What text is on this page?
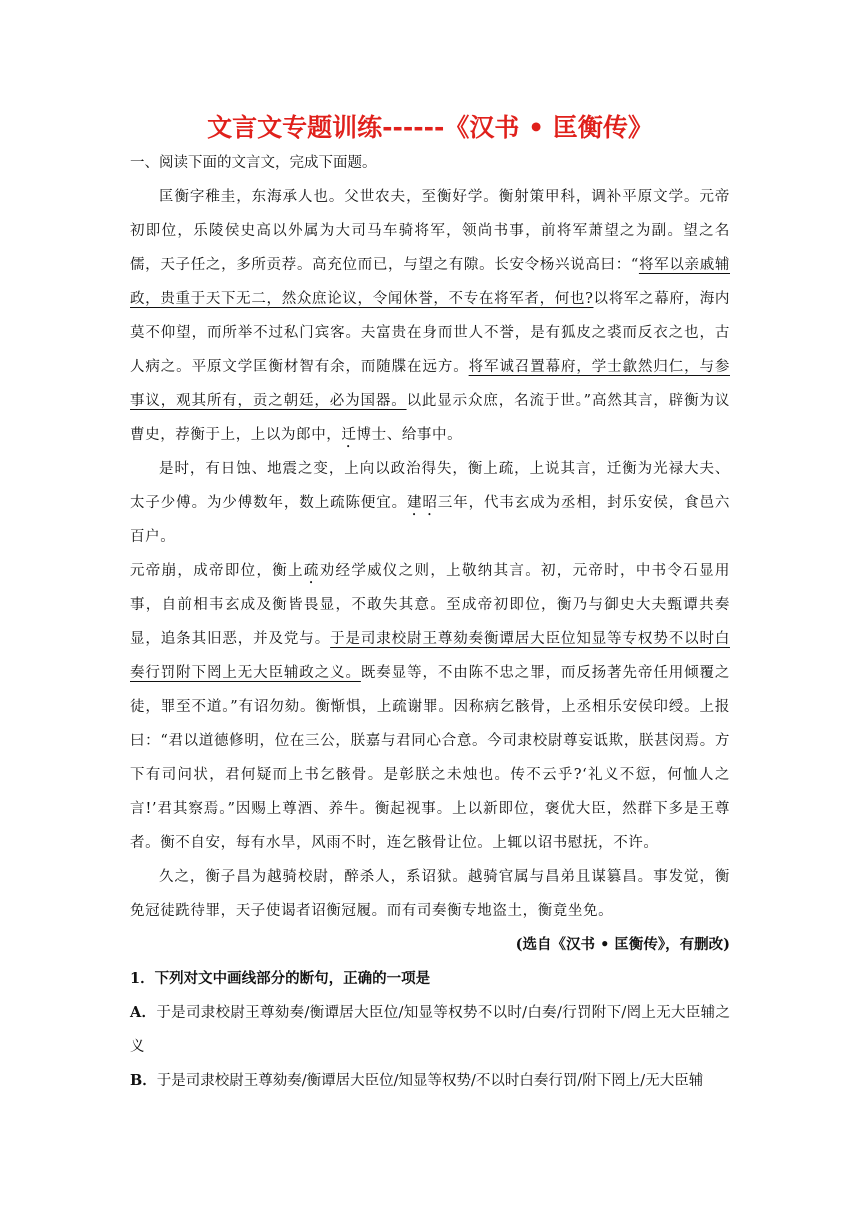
文言文专题训练------《汉书 • 匡衡传》

一、阅读下面的文言文，完成下面题。

匡衡字稚圭，东海承人也。父世农夫，至衡好学。衡射策甲科，调补平原文学。元帝初即位，乐陵侯史高以外属为大司马车骑将军，领尚书事，前将军萧望之为副。望之名儒，天子任之，多所贡荐。高充位而已，与望之有隙。长安令杨兴说高曰：“将军以亲戚辅政，贵重于天下无二，然众庶论议，令闻休誉，不专在将军者，何也?以将军之幕府，海内莫不仰望，而所举不过私门宾客。夫富贵在身而世人不誉，是有狐皮之裘而反衣之也，古人病之。平原文学匡衡材智有余，而随牒在远方。将军诚召置幕府，学士歙然归仁，与参事议，观其所有，贡之朝廷，必为国器。以此显示众庶，名流于世。”高然其言，辟衡为议曹史，荐衡于上，上以为郎中，迁博士、给事中。

是时，有日蚀、地震之变，上向以政治得失，衡上疏，上说其言，迁衡为光禄大夫、太子少傅。为少傅数年，数上疏陈便宜。建昭三年，代韦玄成为丞相，封乐安侯，食邑六百户。

元帝崩，成帝即位，衡上疏劝经学威仪之则，上敬纳其言。初，元帝时，中书令石显用事，自前相韦玄成及衡皆畏显，不敢失其意。至成帝初即位，衡乃与御史大夫甄谭共奏显，追条其旧恶，并及党与。于是司隶校尉王尊劾奏衡谭居大臣位知显等专权势不以时白奏行罚附下罔上无大臣辅政之义。既奏显等，不由陈不忠之罪，而反扬著先帝任用倾覆之徒，罪至不道。”有诏勿劾。衡惭惧，上疏谢罪。因称病乞骸骨，上丞相乐安侯印绶。上报曰：“君以道德修明，位在三公，朕嘉与君同心合意。今司隶校尉尊妄诋欺，朕甚闵焉。方下有司问状，君何疑而上书乞骸骨。是彰朕之未烛也。传不云乎?‘礼义不愆，何恤人之言!’君其察焉。”因赐上尊酒、养牛。衡起视事。上以新即位，褒优大臣，然群下多是王尊者。衡不自安，每有水旱，风雨不时，连乞骸骨让位。上辄以诏书慰抚，不许。

久之，衡子昌为越骑校尉，醉杀人，系诏狱。越骑官属与昌弟且谋篡昌。事发觉，衡免冠徒跣待罪，天子使谒者诏衡冠履。而有司奏衡专地盗土，衡竟坐免。

(选自《汉书 • 匡衡传》，有删改)

1．下列对文中画线部分的断句，正确的一项是

A．于是司隶校尉王尊劾奏/衡谭居大臣位/知显等权势不以时/白奏/行罚附下/罔上无大臣辅之义

B．于是司隶校尉王尊劾奏/衡谭居大臣位/知显等权势/不以时白奏行罚/附下罔上/无大臣辅
